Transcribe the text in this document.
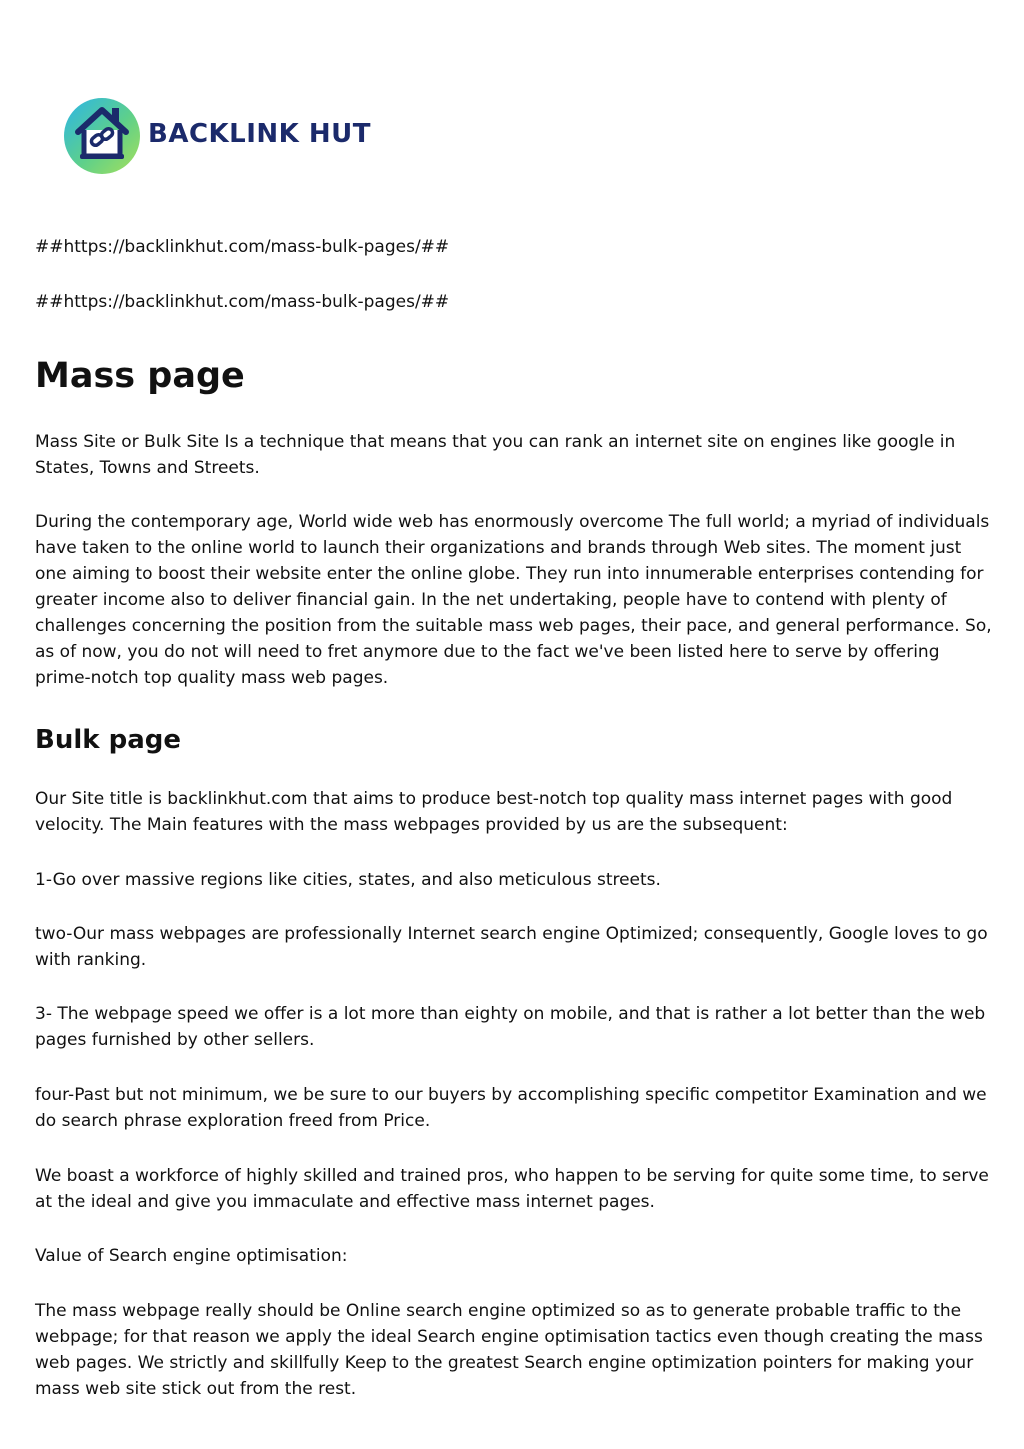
BACKLINK HUT

##https://backlinkhut.com/mass-bulk-pages/##

##https://backlinkhut.com/mass-bulk-pages/##

Mass page

Mass Site or Bulk Site Is a technique that means that you can rank an internet site on engines like google in States, Towns and Streets.

During the contemporary age, World wide web has enormously overcome The full world; a myriad of individuals have taken to the online world to launch their organizations and brands through Web sites. The moment just one aiming to boost their website enter the online globe. They run into innumerable enterprises contending for greater income also to deliver financial gain. In the net undertaking, people have to contend with plenty of challenges concerning the position from the suitable mass web pages, their pace, and general performance. So, as of now, you do not will need to fret anymore due to the fact we've been listed here to serve by offering prime-notch top quality mass web pages.

Bulk page

Our Site title is backlinkhut.com that aims to produce best-notch top quality mass internet pages with good velocity. The Main features with the mass webpages provided by us are the subsequent:

1-Go over massive regions like cities, states, and also meticulous streets.

two-Our mass webpages are professionally Internet search engine Optimized; consequently, Google loves to go with ranking.

3- The webpage speed we offer is a lot more than eighty on mobile, and that is rather a lot better than the web pages furnished by other sellers.

four-Past but not minimum, we be sure to our buyers by accomplishing specific competitor Examination and we do search phrase exploration freed from Price.

We boast a workforce of highly skilled and trained pros, who happen to be serving for quite some time, to serve at the ideal and give you immaculate and effective mass internet pages.

Value of Search engine optimisation:

The mass webpage really should be Online search engine optimized so as to generate probable traffic to the webpage; for that reason we apply the ideal Search engine optimisation tactics even though creating the mass web pages. We strictly and skillfully Keep to the greatest Search engine optimization pointers for making your mass web site stick out from the rest.
